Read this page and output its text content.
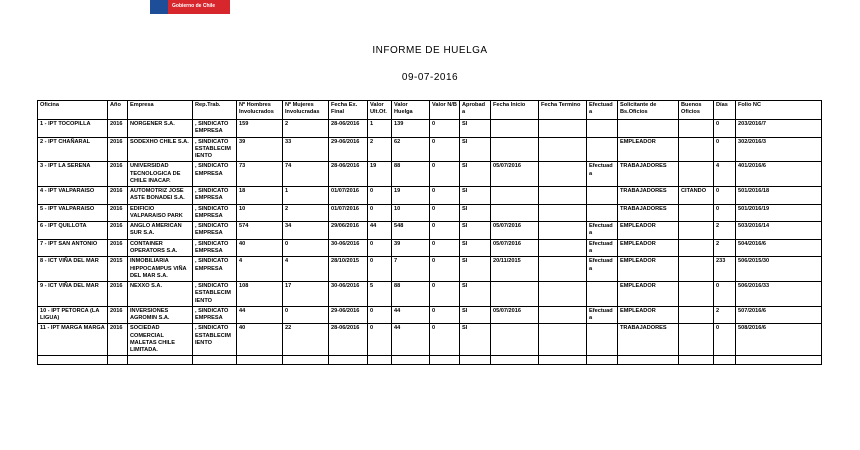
Gobierno de Chile
INFORME DE HUELGA
09-07-2016
Oficina	Año	Empresa	Rep.Trab.	Nº Hombres Involucrados	Nº Mujeres Involucradas	Fecha Ex. Final	Valor Ult.Of.	Valor Huelga	Valor N/B	Aprobada	Fecha Inicio	Fecha Termino	Efectuada	Solicitante de Bs.Oficios	Buenos Oficios	Días	Folio NC
1 - IPT TOCOPILLA	2016	NORGENER S.A.	, SINDICATO EMPRESA	159	2	28-06/2016	1	139	0	SI						0	203/2016/7
2 - IPT CHAÑARAL	2016	SODEXHO CHILE S.A.	, SINDICATO ESTABLECIM IENTO	39	33	29-06/2016	2	62	0	SI				EMPLEADOR		0	302/2016/3
3 - IPT LA SERENA	2016	UNIVERSIDAD TECNOLOGICA DE CHILE INACAP.	, SINDICATO EMPRESA	73	74	28-06/2016	19	88	0	SI	05/07/2016		Efectuada	TRABAJADORES		4	401/2016/6
4 - IPT VALPARAISO	2016	AUTOMOTRIZ JOSE ASTE BONADEI S.A.	, SINDICATO EMPRESA	18	1	01/07/2016	0	19	0	SI				TRABAJADORES	CITANDO	0	501/2016/18
5 - IPT VALPARAISO	2016	EDIFICIO VALPARAISO PARK	, SINDICATO EMPRESA	10	2	01/07/2016	0	10	0	SI				TRABAJADORES		0	501/2016/19
6 - IPT QUILLOTA	2016	ANGLO AMERICAN SUR S.A.	, SINDICATO EMPRESA	574	34	29/06/2016	44	548	0	SI	05/07/2016		Efectuada	EMPLEADOR		2	503/2016/14
7 - IPT SAN ANTONIO	2016	CONTAINER OPERATORS S.A.	, SINDICATO EMPRESA	40	0	30-06/2016	0	39	0	SI	05/07/2016		Efectuada	EMPLEADOR		2	504/2016/6
8 - ICT VIÑA DEL MAR	2015	INMOBILIARIA HIPPOCAMPUS VIÑA DEL MAR S.A.	, SINDICATO EMPRESA	4	4	28/10/2015	0	7	0	SI	20/11/2015		Efectuada	EMPLEADOR		233	506/2015/30
9 - ICT VIÑA DEL MAR	2016	NEXXO S.A.	, SINDICATO ESTABLECIM IENTO	108	17	30-06/2016	5	88	0	SI				EMPLEADOR		0	506/2016/33
10 - IPT PETORCA (LA LIGUA)	2016	INVERSIONES AGROMIN S.A.	, SINDICATO EMPRESA	44	0	29-06/2016	0	44	0	SI	05/07/2016		Efectuada	EMPLEADOR		2	507/2016/6
11 - IPT MARGA MARGA	2016	SOCIEDAD COMERCIAL MALETAS CHILE LIMITADA.	, SINDICATO ESTABLECIM IENTO	40	22	28-06/2016	0	44	0	SI				TRABAJADORES		0	508/2016/6
